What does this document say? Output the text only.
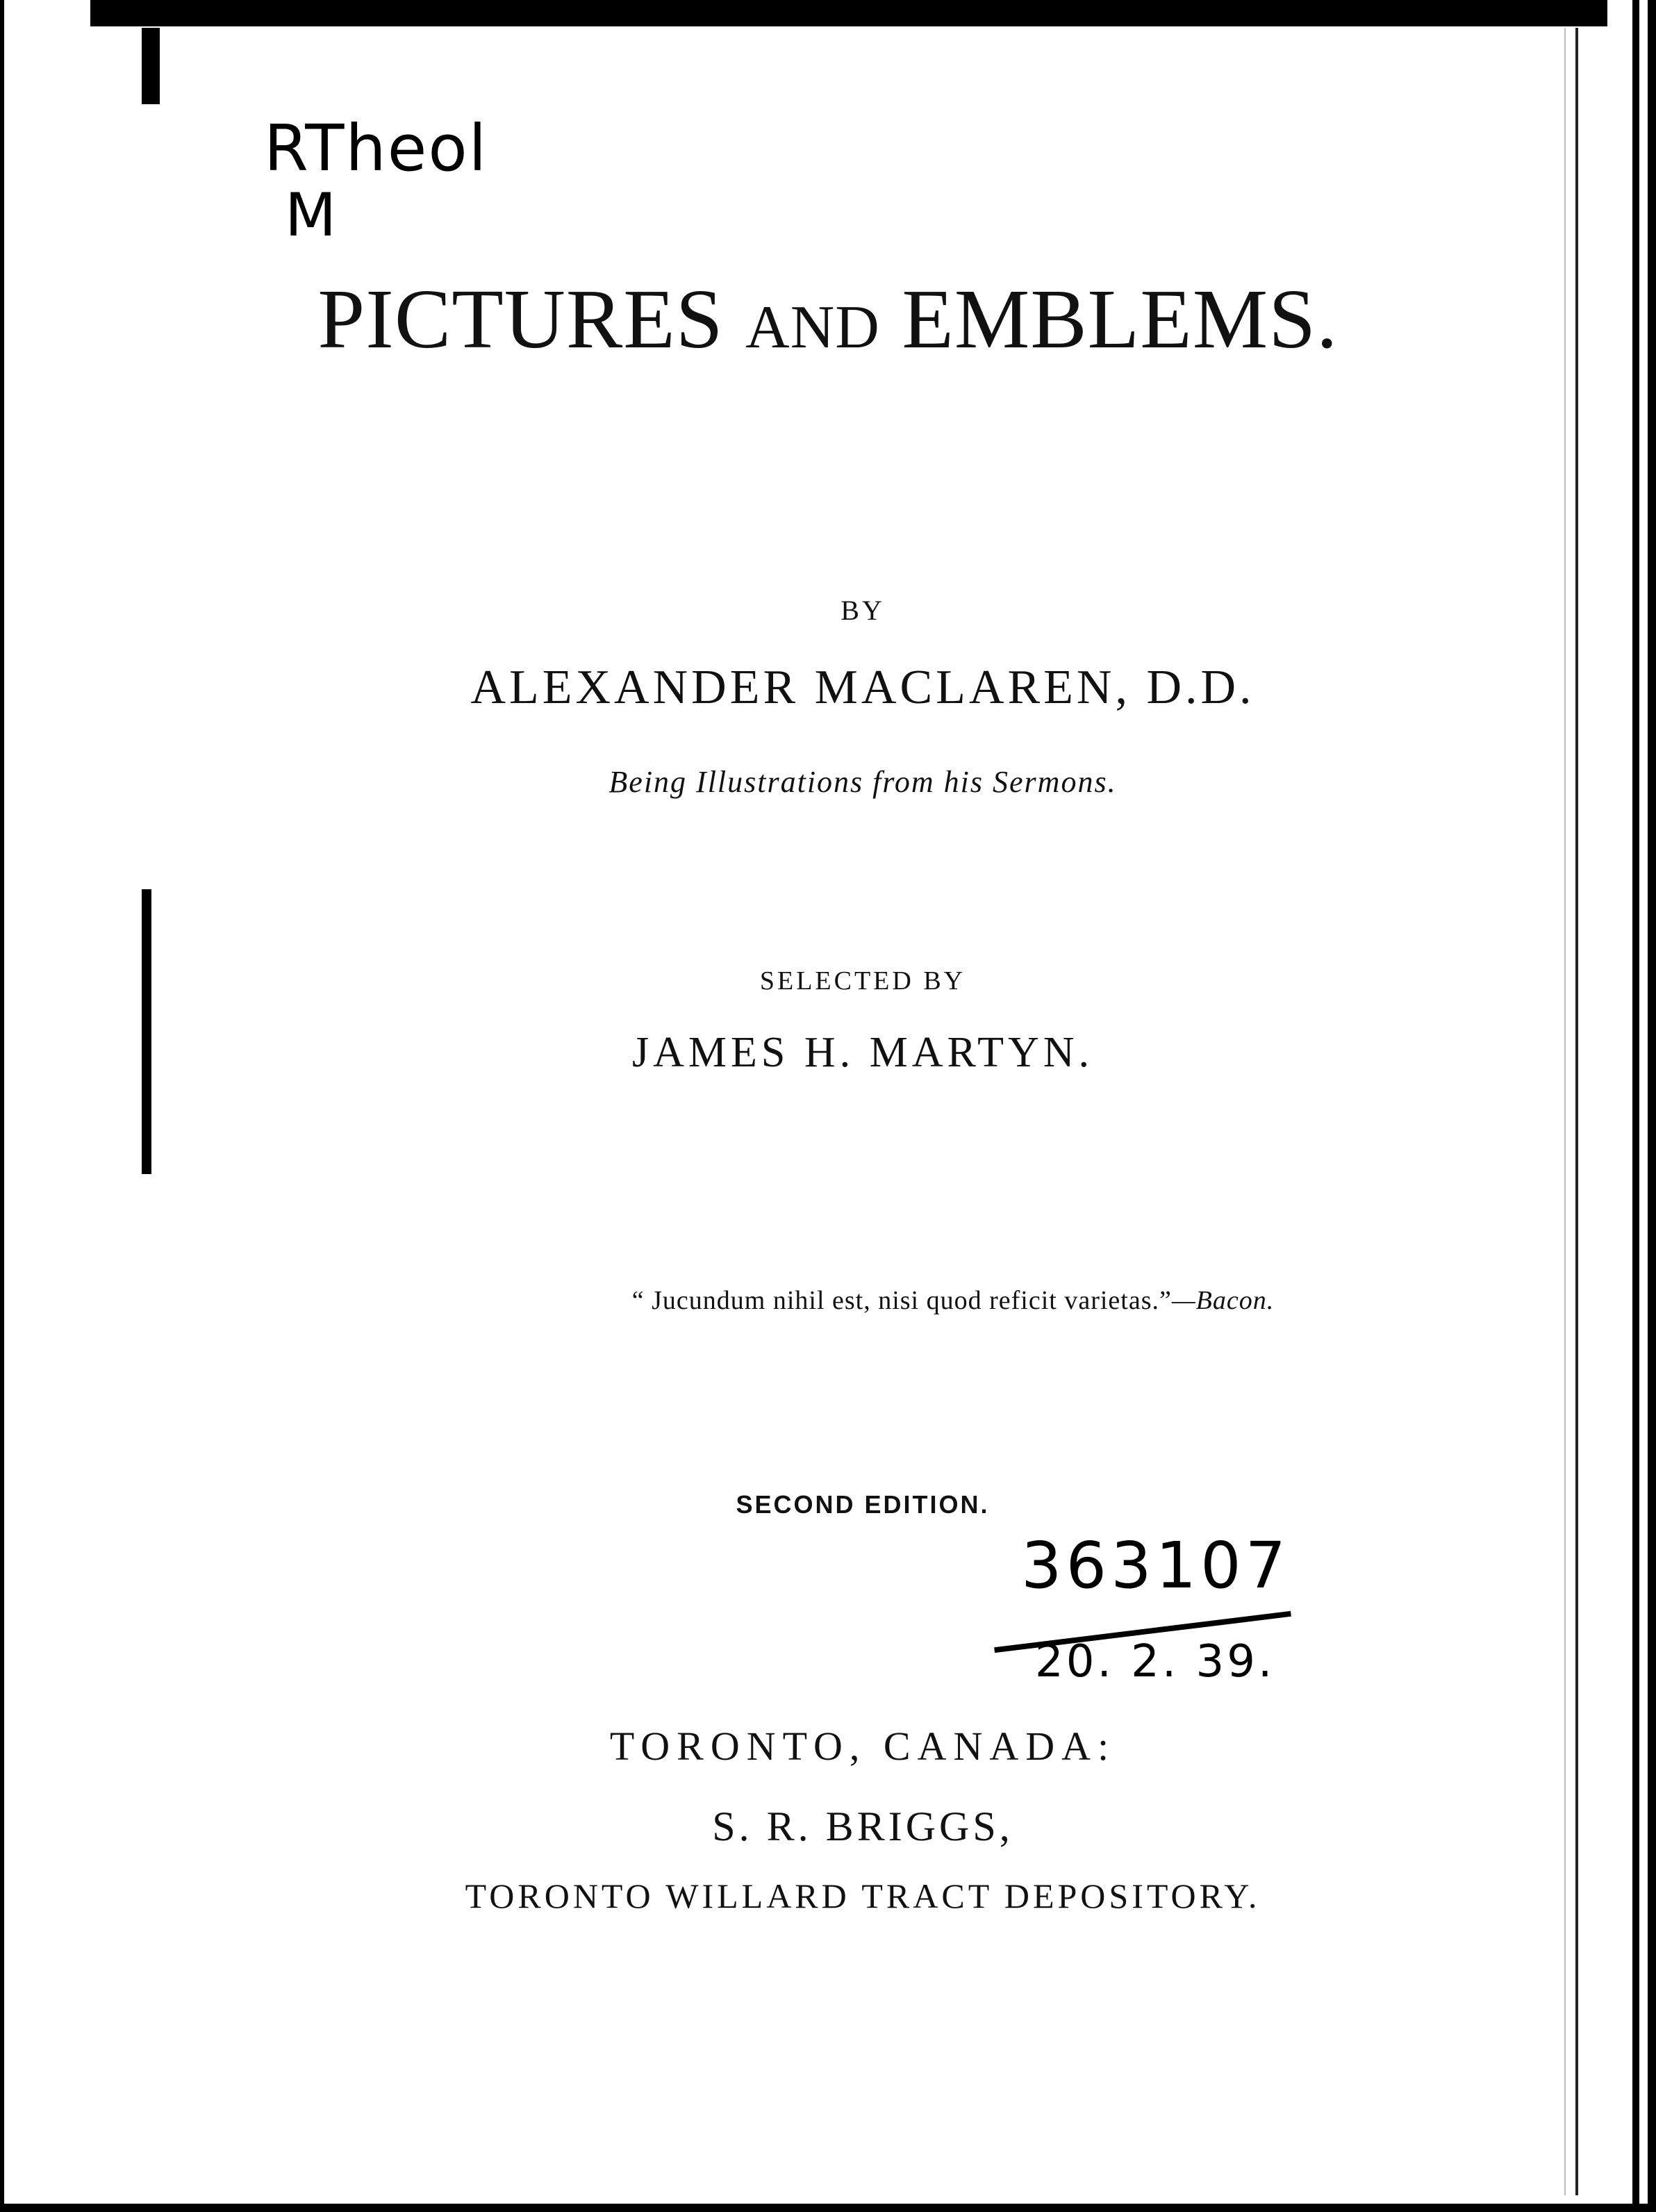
RTheol
M
PICTURES AND EMBLEMS.
BY
ALEXANDER MACLAREN, D.D.
Being Illustrations from his Sermons.
SELECTED BY
JAMES H. MARTYN.
“ Jucundum nihil est, nisi quod reficit varietas.”—Bacon.
SECOND EDITION.
363107
20. 2. 39.
TORONTO, CANADA:
S. R. BRIGGS,
TORONTO WILLARD TRACT DEPOSITORY.
